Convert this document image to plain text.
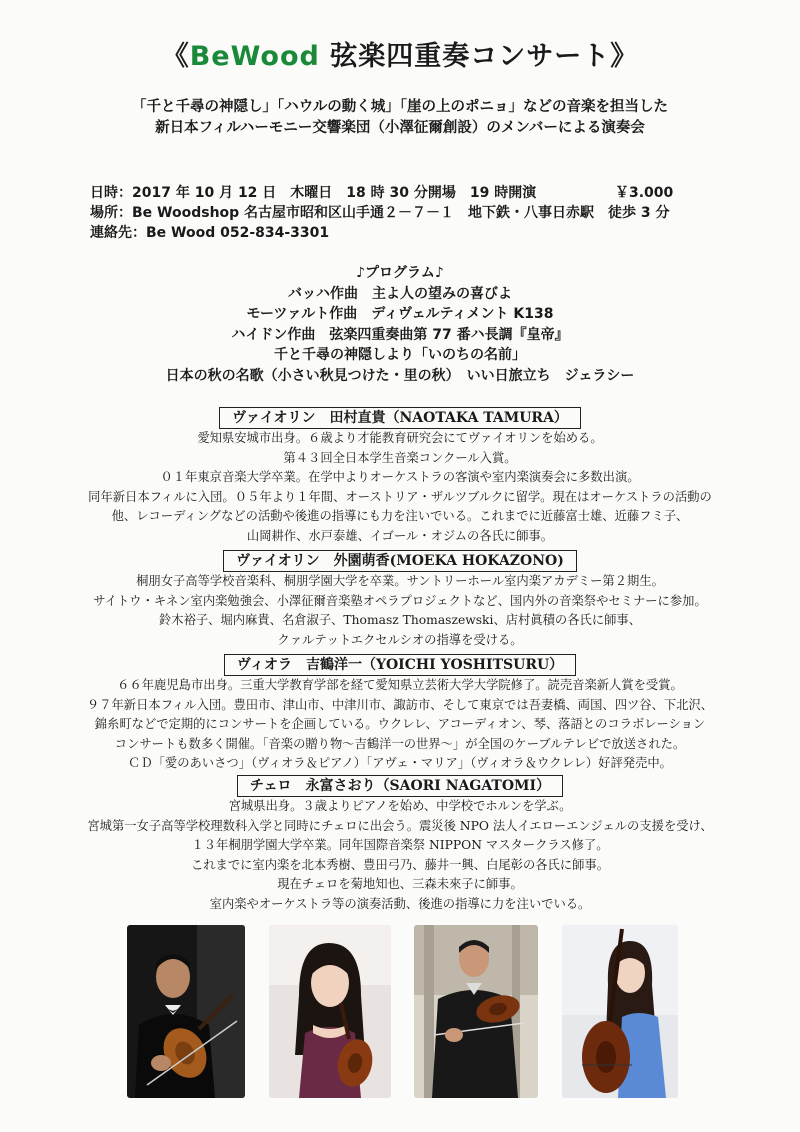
《BeWood 弦楽四重奏コンサート》
「千と千尋の神隠し」「ハウルの動く城」「崖の上のポニョ」などの音楽を担当した
新日本フィルハーモニー交響楽団（小澤征爾創設）のメンバーによる演奏会
日時：2017 年 10 月 12 日　木曜日　18 時 30 分開場　19 時開演	￥3.000
場所：Be Woodshop 名古屋市昭和区山手通２－７－１　地下鉄・八事日赤駅　徒歩 3 分
連絡先：Be Wood 052-834-3301
♪プログラム♪
バッハ作曲　主よ人の望みの喜びよ
モーツァルト作曲　ディヴェルティメント K138
ハイドン作曲　弦楽四重奏曲第 77 番ハ長調『皇帝』
千と千尋の神隠しより「いのちの名前」
日本の秋の名歌（小さい秋見つけた・里の秋）　いい日旅立ち　ジェラシー
ヴァイオリン　田村直貴（NAOTAKA TAMURA）
愛知県安城市出身。６歳より才能教育研究会にてヴァイオリンを始める。
第４３回全日本学生音楽コンクール入賞。
０１年東京音楽大学卒業。在学中よりオーケストラの客演や室内楽演奏会に多数出演。
同年新日本フィルに入団。０５年より１年間、オーストリア・ザルツブルクに留学。現在はオーケストラの活動の
他、レコーディングなどの活動や後進の指導にも力を注いでいる。これまでに近藤富士雄、近藤フミ子、
山岡耕作、水戸泰雄、イゴール・オジムの各氏に師事。
ヴァイオリン　外園萌香(MOEKA HOKAZONO)
桐朋女子高等学校音楽科、桐朋学園大学を卒業。サントリーホール室内楽アカデミー第２期生。
サイトウ・キネン室内楽勉強会、小澤征爾音楽塾オペラプロジェクトなど、国内外の音楽祭やセミナーに参加。
鈴木裕子、堀内麻貴、名倉淑子、Thomasz Thomaszewski、店村眞積の各氏に師事、
クァルテットエクセルシオの指導を受ける。
ヴィオラ　吉鶴洋一（YOICHI YOSHITSURU）
６６年鹿児島市出身。三重大学教育学部を経て愛知県立芸術大学大学院修了。読売音楽新人賞を受賞。
９７年新日本フィル入団。豊田市、津山市、中津川市、諏訪市、そして東京では吾妻橋、両国、四ツ谷、下北沢、
錦糸町などで定期的にコンサートを企画している。ウクレレ、アコーディオン、琴、落語とのコラボレーション
コンサートも数多く開催。「音楽の贈り物～吉鶴洋一の世界～」が全国のケーブルテレビで放送された。
ＣＤ「愛のあいさつ」（ヴィオラ＆ピアノ）「アヴェ・マリア」（ヴィオラ＆ウクレレ）好評発売中。
チェロ　永富さおり（SAORI NAGATOMI）
宮城県出身。３歳よりピアノを始め、中学校でホルンを学ぶ。
宮城第一女子高等学校理数科入学と同時にチェロに出会う。震災後 NPO 法人イエローエンジェルの支援を受け、
１３年桐朋学園大学卒業。同年国際音楽祭 NIPPON マスタークラス修了。
これまでに室内楽を北本秀樹、豊田弓乃、藤井一興、白尾彰の各氏に師事。
現在チェロを菊地知也、三森未來子に師事。
室内楽やオーケストラ等の演奏活動、後進の指導に力を注いでいる。
